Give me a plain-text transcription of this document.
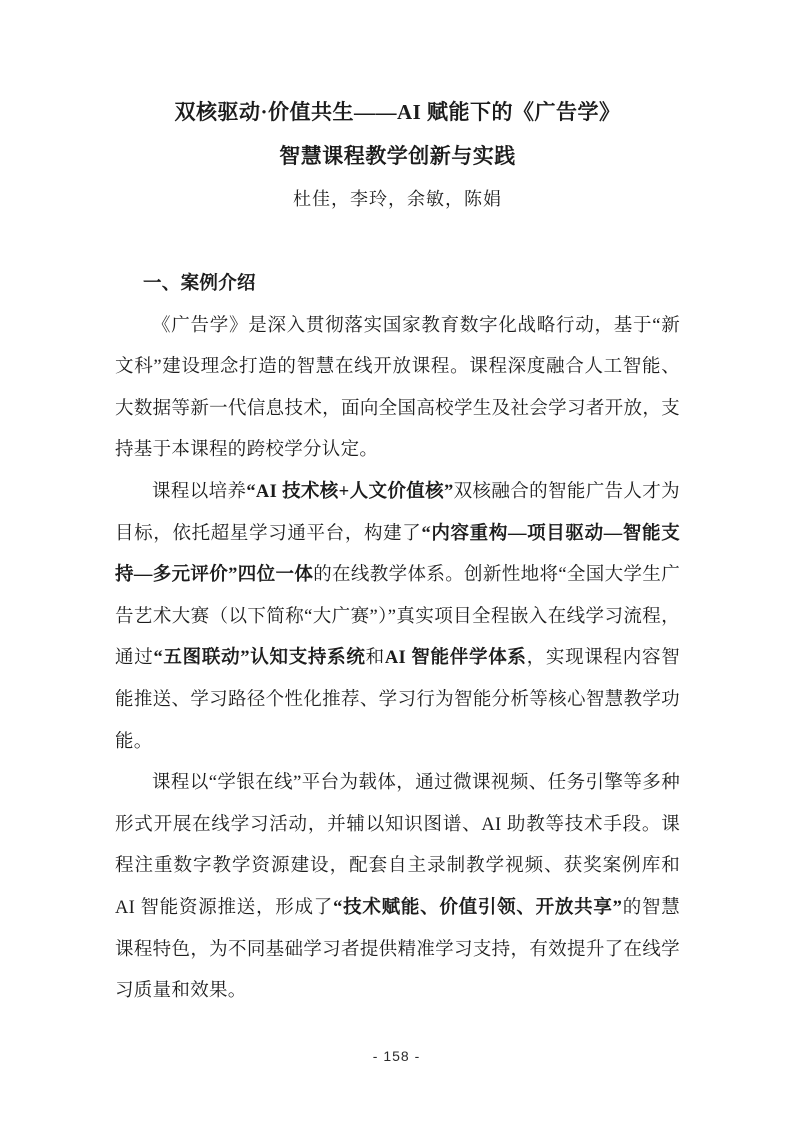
双核驱动·价值共生——AI 赋能下的《广告学》
智慧课程教学创新与实践
杜佳，李玲，余敏，陈娟
一、案例介绍

《广告学》是深入贯彻落实国家教育数字化战略行动，基于“新文科”建设理念打造的智慧在线开放课程。课程深度融合人工智能、大数据等新一代信息技术，面向全国高校学生及社会学习者开放，支持基于本课程的跨校学分认定。

课程以培养“AI 技术核+人文价值核”双核融合的智能广告人才为目标，依托超星学习通平台，构建了“内容重构—项目驱动—智能支持—多元评价”四位一体的在线教学体系。创新性地将“全国大学生广告艺术大赛（以下简称“大广赛”）”真实项目全程嵌入在线学习流程，通过“五图联动”认知支持系统和AI 智能伴学体系，实现课程内容智能推送、学习路径个性化推荐、学习行为智能分析等核心智慧教学功能。

课程以“学银在线”平台为载体，通过微课视频、任务引擎等多种形式开展在线学习活动，并辅以知识图谱、AI 助教等技术手段。课程注重数字教学资源建设，配套自主录制教学视频、获奖案例库和 AI 智能资源推送，形成了“技术赋能、价值引领、开放共享”的智慧课程特色，为不同基础学习者提供精准学习支持，有效提升了在线学习质量和效果。

- 158 -
